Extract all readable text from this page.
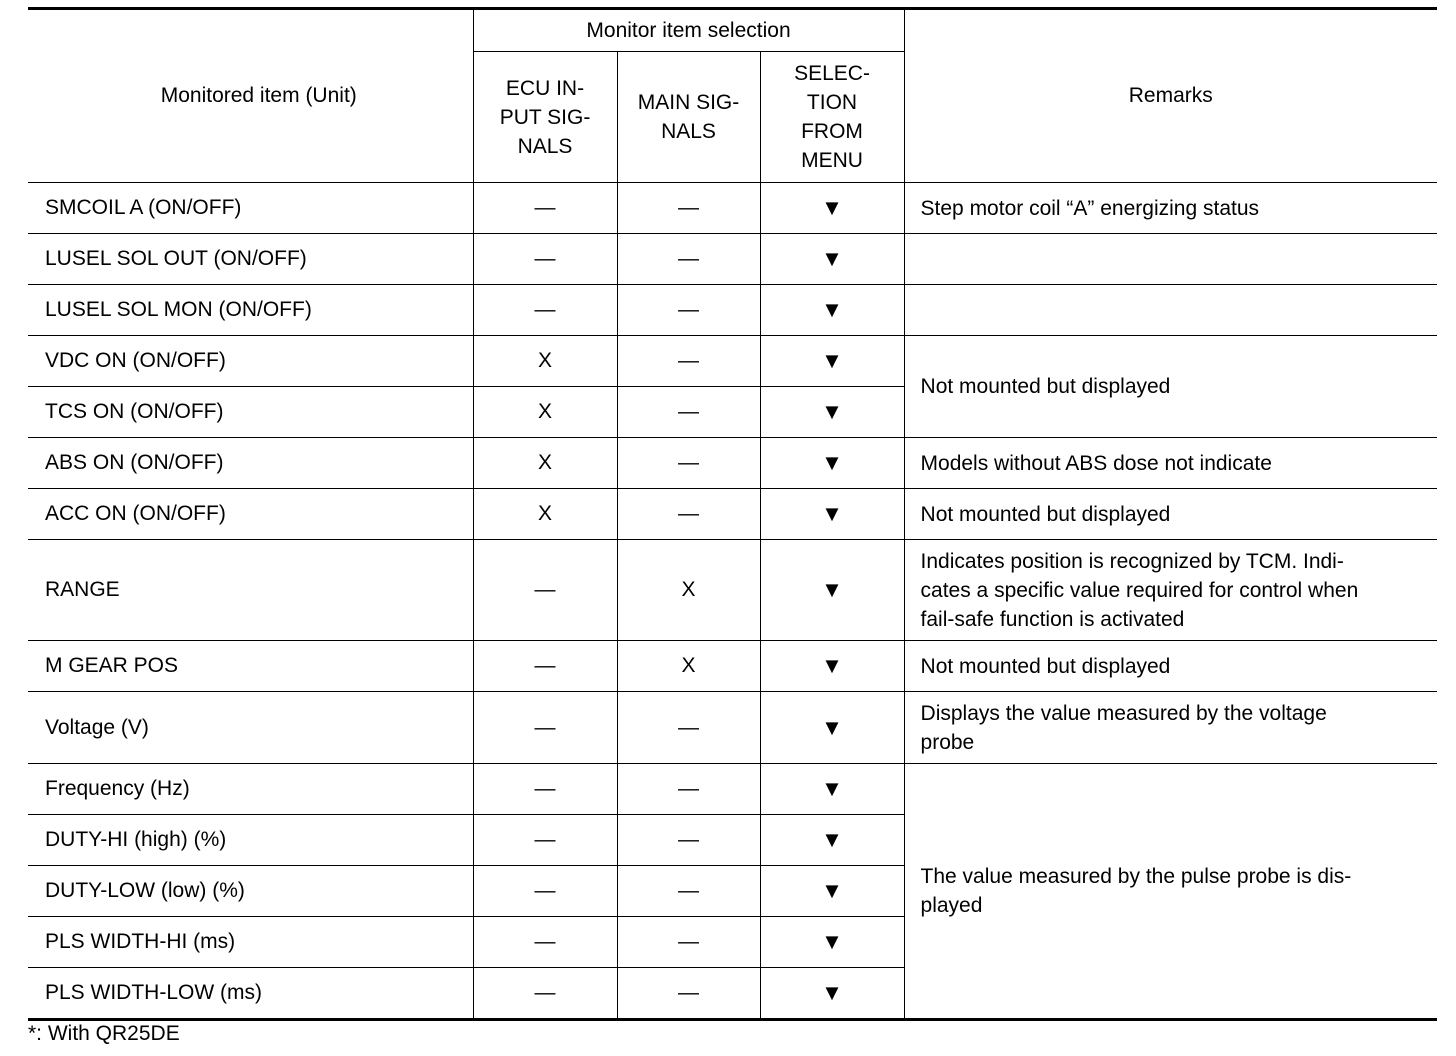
Monitored item (Unit)	Monitor item selection			Remarks
	ECU IN-
PUT SIG-
NALS	MAIN SIG-
NALS	SELEC-
TION
FROM
MENU	
SMCOIL A (ON/OFF)	—	—	▼	Step motor coil “A” energizing status
LUSEL SOL OUT (ON/OFF)	—	—	▼	
LUSEL SOL MON (ON/OFF)	—	—	▼	
VDC ON (ON/OFF)	X	—	▼	Not mounted but displayed
TCS ON (ON/OFF)	X	—	▼	
ABS ON (ON/OFF)	X	—	▼	Models without ABS dose not indicate
ACC ON (ON/OFF)	X	—	▼	Not mounted but displayed
RANGE	—	X	▼	Indicates position is recognized by TCM. Indi-
cates a specific value required for control when
fail-safe function is activated
M GEAR POS	—	X	▼	Not mounted but displayed
Voltage (V)	—	—	▼	Displays the value measured by the voltage
probe
Frequency (Hz)	—	—	▼	The value measured by the pulse probe is dis-
played
DUTY-HI (high) (%)	—	—	▼	
DUTY-LOW (low) (%)	—	—	▼	
PLS WIDTH-HI (ms)	—	—	▼	
PLS WIDTH-LOW (ms)	—	—	▼	
*: With QR25DE
